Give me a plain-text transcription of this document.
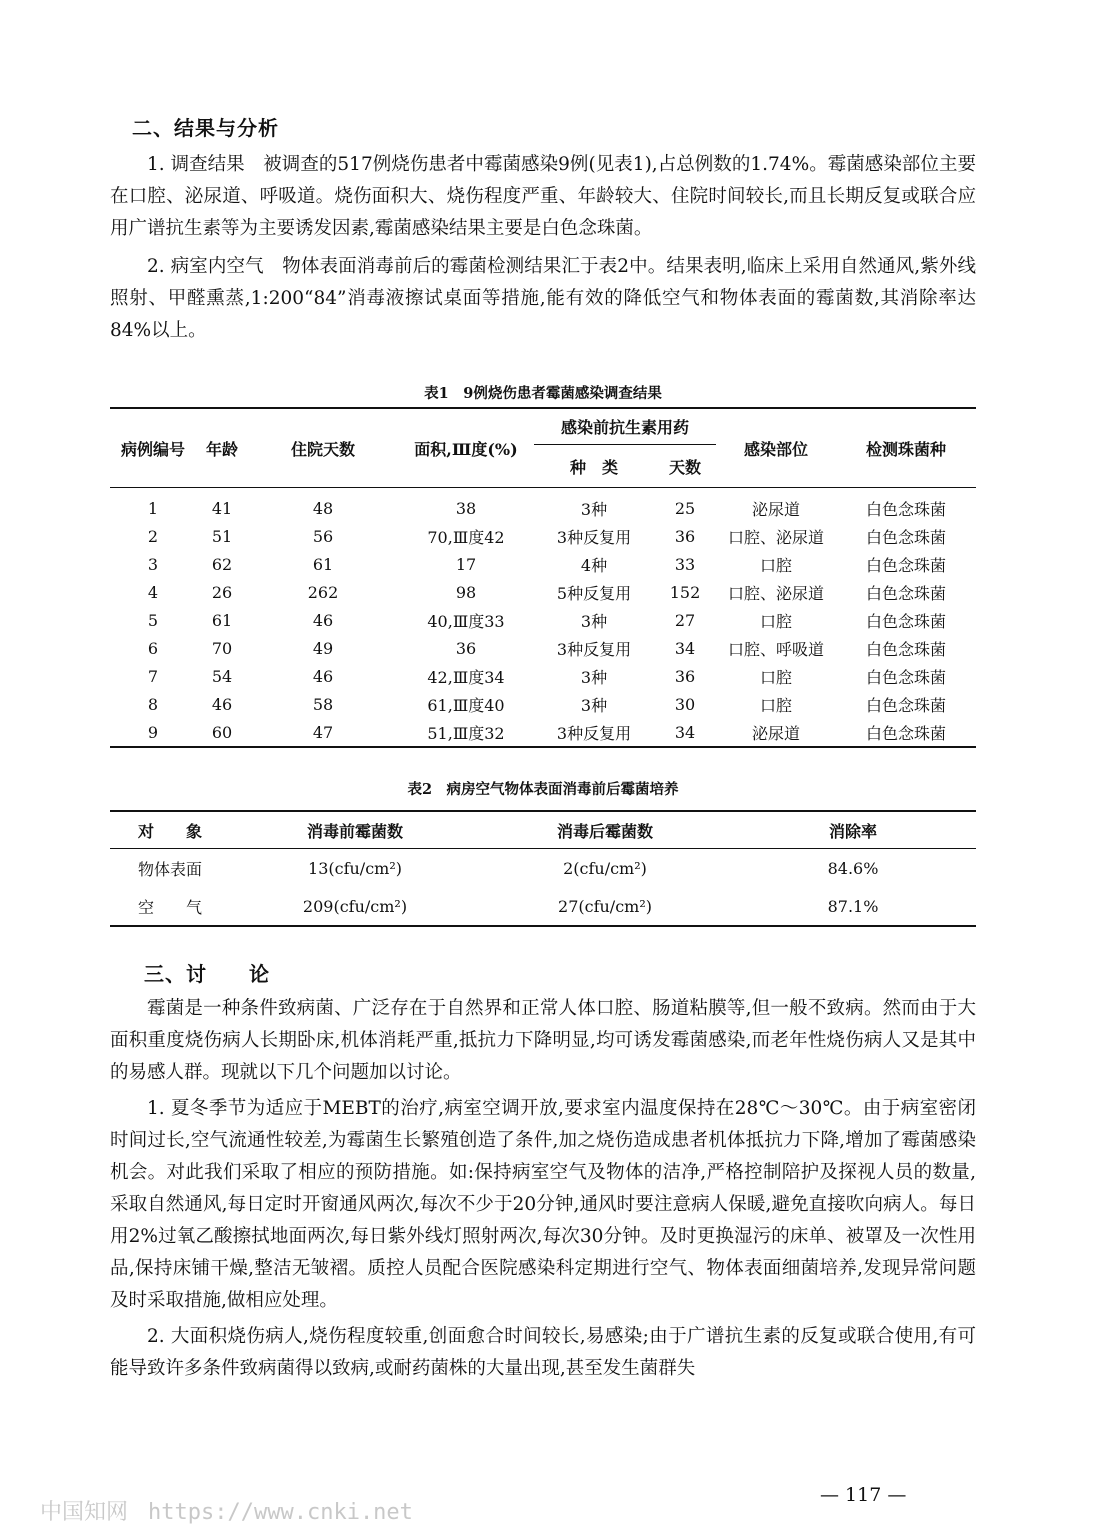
二、结果与分析

1. 调查结果　被调查的517例烧伤患者中霉菌感染9例(见表1),占总例数的1.74%。霉菌感染部位主要在口腔、泌尿道、呼吸道。烧伤面积大、烧伤程度严重、年龄较大、住院时间较长,而且长期反复或联合应用广谱抗生素等为主要诱发因素,霉菌感染结果主要是白色念珠菌。

2. 病室内空气　物体表面消毒前后的霉菌检测结果汇于表2中。结果表明,临床上采用自然通风,紫外线照射、甲醛熏蒸,1:200“84”消毒液擦试桌面等措施,能有效的降低空气和物体表面的霉菌数,其消除率达84%以上。

表1　9例烧伤患者霉菌感染调查结果
病例编号	年龄	住院天数	面积,Ⅲ度(%)	感染前抗生素用药		感染部位	检测珠菌种
				种　类	天数		

1	41	48	38	3种	25	泌尿道	白色念珠菌
2	51	56	70,Ⅲ度42	3种反复用	36	口腔、泌尿道	白色念珠菌
3	62	61	17	4种	33	口腔	白色念珠菌
4	26	262	98	5种反复用	152	口腔、泌尿道	白色念珠菌
5	61	46	40,Ⅲ度33	3种	27	口腔	白色念珠菌
6	70	49	36	3种反复用	34	口腔、呼吸道	白色念珠菌
7	54	46	42,Ⅲ度34	3种	36	口腔	白色念珠菌
8	46	58	61,Ⅲ度40	3种	30	口腔	白色念珠菌
9	60	47	51,Ⅲ度32	3种反复用	34	泌尿道	白色念珠菌
表2　病房空气物体表面消毒前后霉菌培养
对　　象	消毒前霉菌数	消毒后霉菌数	消除率
物体表面	13(cfu/cm²)	2(cfu/cm²)	84.6%
空　　气	209(cfu/cm²)	27(cfu/cm²)	87.1%
三、讨　　论

霉菌是一种条件致病菌、广泛存在于自然界和正常人体口腔、肠道粘膜等,但一般不致病。然而由于大面积重度烧伤病人长期卧床,机体消耗严重,抵抗力下降明显,均可诱发霉菌感染,而老年性烧伤病人又是其中的易感人群。现就以下几个问题加以讨论。

1. 夏冬季节为适应于MEBT的治疗,病室空调开放,要求室内温度保持在28℃～30℃。由于病室密闭时间过长,空气流通性较差,为霉菌生长繁殖创造了条件,加之烧伤造成患者机体抵抗力下降,增加了霉菌感染机会。对此我们采取了相应的预防措施。如:保持病室空气及物体的洁净,严格控制陪护及探视人员的数量,采取自然通风,每日定时开窗通风两次,每次不少于20分钟,通风时要注意病人保暖,避免直接吹向病人。每日用2%过氧乙酸擦拭地面两次,每日紫外线灯照射两次,每次30分钟。及时更换湿污的床单、被罩及一次性用品,保持床铺干燥,整洁无皱褶。质控人员配合医院感染科定期进行空气、物体表面细菌培养,发现异常问题及时采取措施,做相应处理。

2. 大面积烧伤病人,烧伤程度较重,创面愈合时间较长,易感染;由于广谱抗生素的反复或联合使用,有可能导致许多条件致病菌得以致病,或耐药菌株的大量出现,甚至发生菌群失

— 117 —
中国知网 https://www.cnki.net
